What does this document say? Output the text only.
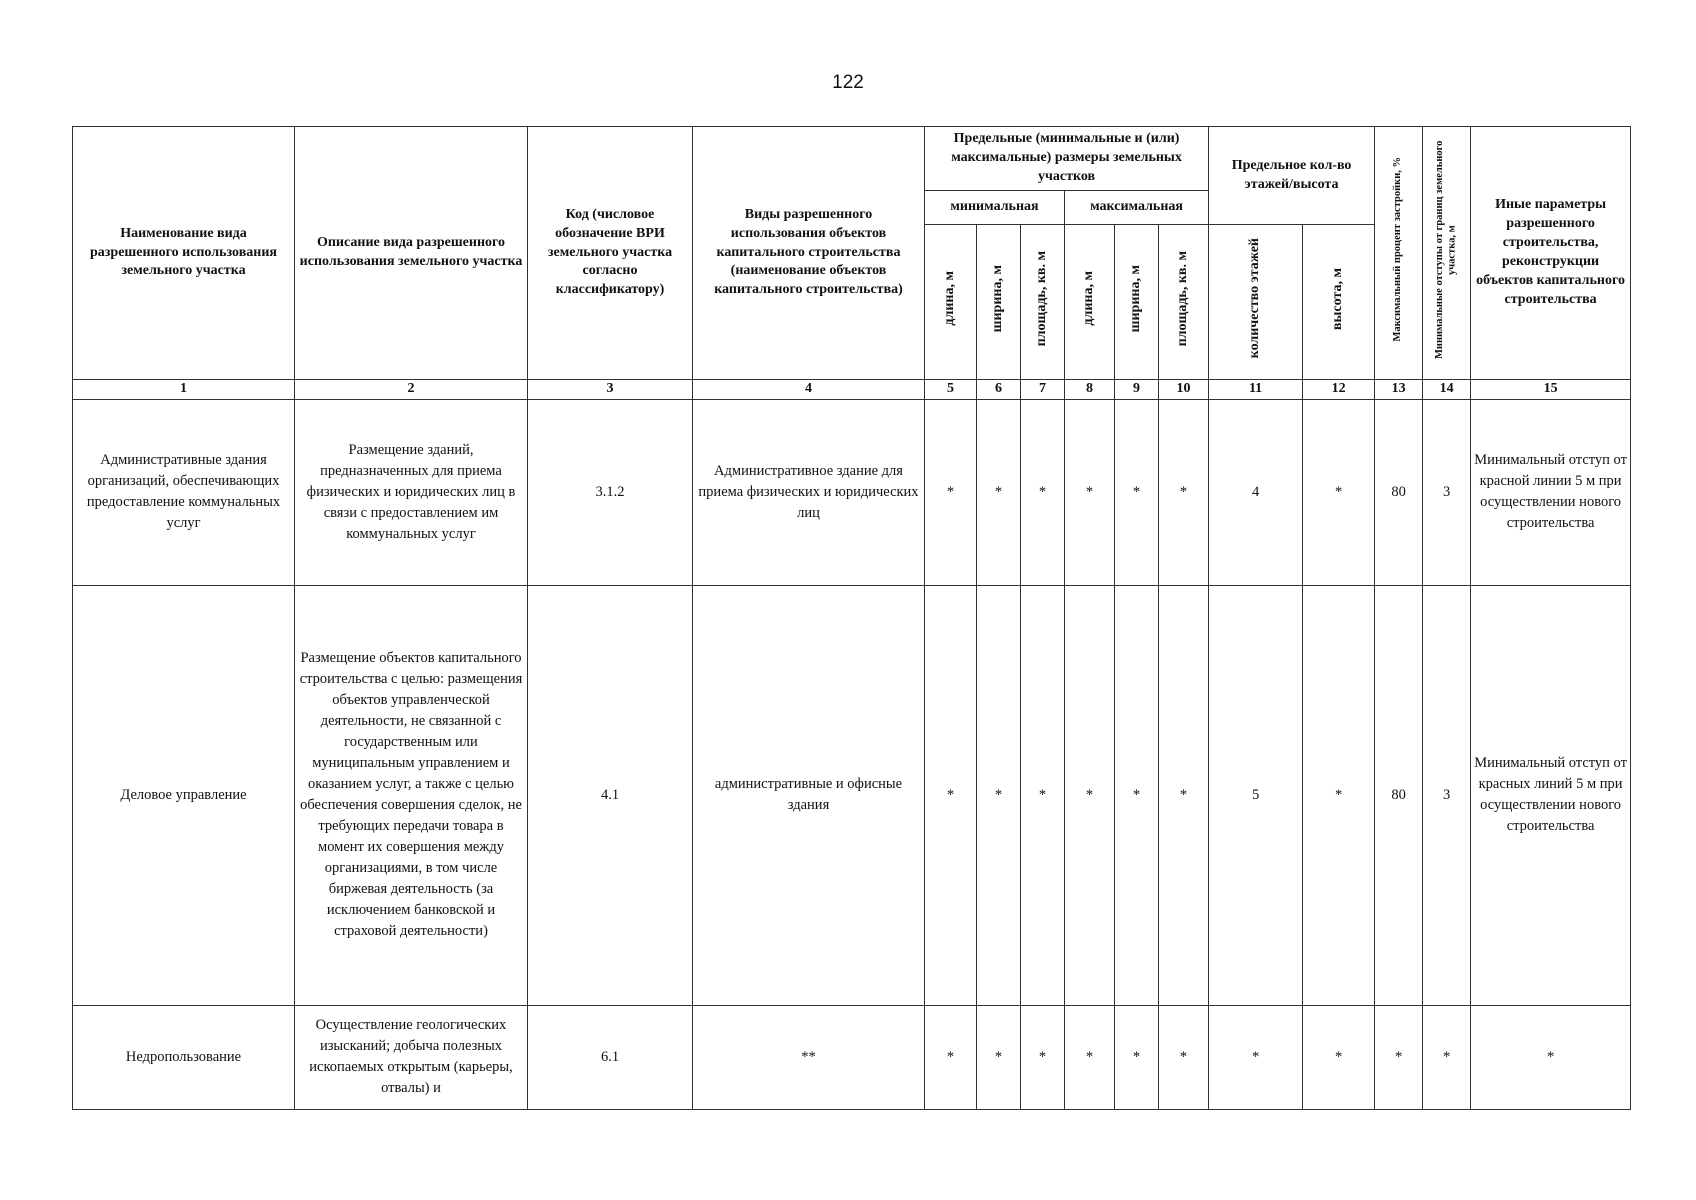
122
Наименование вида разрешенного использования земельного участка	Описание вида разрешенного использования земельного участка	Код (числовое обозначение ВРИ земельного участка согласно классификатору)	Виды разрешенного использования объектов капитального строительства (наименование объектов капитального строительства)	Предельные (минимальные и (или) максимальные) размеры земельных участков						Предельное кол-во этажей/высота		Максимальный процент застройки, %	Минимальные отступы от границ земельного участка, м	Иные параметры разрешенного строительства, реконструкции объектов капитального строительства
				минимальная			максимальная							
				длина, м	ширина, м	площадь, кв. м	длина, м	ширина, м	площадь, кв. м	количество этажей	высота, м			
1	2	3	4	5	6	7	8	9	10	11	12	13	14	15
Административные здания организаций, обеспечивающих предоставление коммунальных услуг	Размещение зданий, предназначенных для приема физических и юридических лиц в связи с предоставлением им коммунальных услуг	3.1.2	Административное здание для приема физических и юридических лиц	*	*	*	*	*	*	4	*	80	3	Минимальный отступ от красной линии 5 м при осуществлении нового строительства
Деловое управление	Размещение объектов капитального строительства с целью: размещения объектов управленческой деятельности, не связанной с государственным или муниципальным управлением и оказанием услуг, а также с целью обеспечения совершения сделок, не требующих передачи товара в момент их совершения между организациями, в том числе биржевая деятельность (за исключением банковской и страховой деятельности)	4.1	административные и офисные здания	*	*	*	*	*	*	5	*	80	3	Минимальный отступ от красных линий 5 м при осуществлении нового строительства
Недропользование	Осуществление геологических изысканий; добыча полезных ископаемых открытым (карьеры, отвалы) и	6.1	**	*	*	*	*	*	*	*	*	*	*	*
